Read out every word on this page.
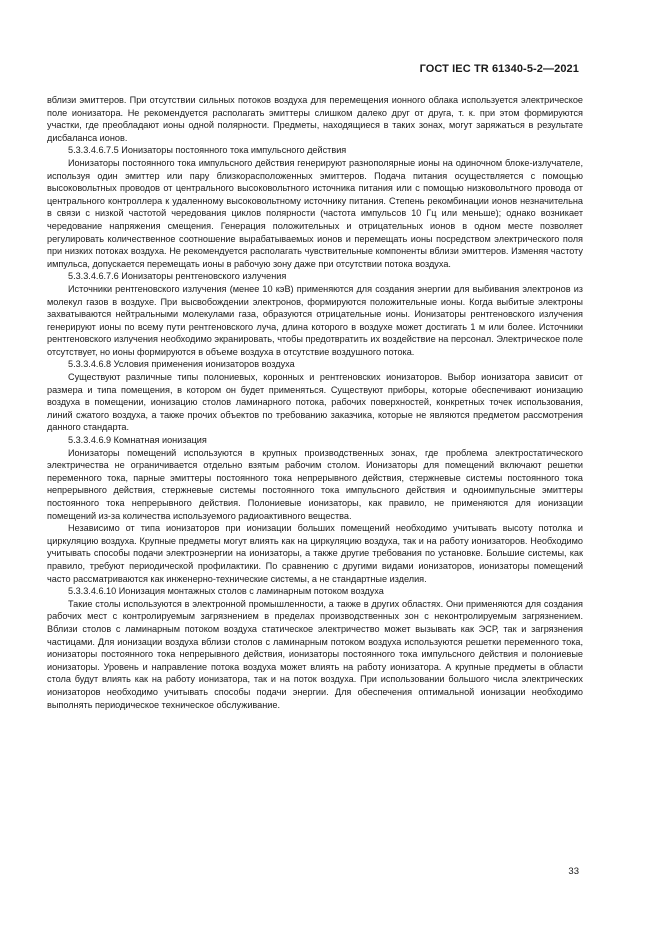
ГОСТ IEC TR 61340-5-2—2021

вблизи эмиттеров. При отсутствии сильных потоков воздуха для перемещения ионного облака используется электрическое поле ионизатора. Не рекомендуется располагать эмиттеры слишком далеко друг от друга, т. к. при этом формируются участки, где преобладают ионы одной полярности. Предметы, находящиеся в таких зонах, могут заряжаться в результате дисбаланса ионов.

5.3.3.4.6.7.5 Ионизаторы постоянного тока импульсного действия

Ионизаторы постоянного тока импульсного действия генерируют разнополярные ионы на одиночном блоке-излучателе, используя один эмиттер или пару близкорасположенных эмиттеров. Подача питания осуществляется с помощью высоковольтных проводов от центрального высоковольтного источника питания или с помощью низковольтного провода от центрального контроллера к удаленному высоковольтному источнику питания. Степень рекомбинации ионов незначительна в связи с низкой частотой чередования циклов полярности (частота импульсов 10 Гц или меньше); однако возникает чередование напряжения смещения. Генерация положительных и отрицательных ионов в одном месте позволяет регулировать количественное соотношение вырабатываемых ионов и перемещать ионы посредством электрического поля при низких потоках воздуха. Не рекомендуется располагать чувствительные компоненты вблизи эмиттеров. Изменяя частоту импульса, допускается перемещать ионы в рабочую зону даже при отсутствии потока воздуха.

5.3.3.4.6.7.6 Ионизаторы рентгеновского излучения

Источники рентгеновского излучения (менее 10 кэВ) применяются для создания энергии для выбивания электронов из молекул газов в воздухе. При высвобождении электронов, формируются положительные ионы. Когда выбитые электроны захватываются нейтральными молекулами газа, образуются отрицательные ионы. Ионизаторы рентгеновского излучения генерируют ионы по всему пути рентгеновского луча, длина которого в воздухе может достигать 1 м или более. Источники рентгеновского излучения необходимо экранировать, чтобы предотвратить их воздействие на персонал. Электрическое поле отсутствует, но ионы формируются в объеме воздуха в отсутствие воздушного потока.

5.3.3.4.6.8 Условия применения ионизаторов воздуха

Существуют различные типы полониевых, коронных и рентгеновских ионизаторов. Выбор ионизатора зависит от размера и типа помещения, в котором он будет применяться. Существуют приборы, которые обеспечивают ионизацию воздуха в помещении, ионизацию столов ламинарного потока, рабочих поверхностей, конкретных точек использования, линий сжатого воздуха, а также прочих объектов по требованию заказчика, которые не являются предметом рассмотрения данного стандарта.

5.3.3.4.6.9 Комнатная ионизация

Ионизаторы помещений используются в крупных производственных зонах, где проблема электростатического электричества не ограничивается отдельно взятым рабочим столом. Ионизаторы для помещений включают решетки переменного тока, парные эмиттеры постоянного тока непрерывного действия, стержневые системы постоянного тока непрерывного действия, стержневые системы постоянного тока импульсного действия и одноимпульсные эмиттеры постоянного тока непрерывного действия. Полониевые ионизаторы, как правило, не применяются для ионизации помещений из-за количества используемого радиоактивного вещества.

Независимо от типа ионизаторов при ионизации больших помещений необходимо учитывать высоту потолка и циркуляцию воздуха. Крупные предметы могут влиять как на циркуляцию воздуха, так и на работу ионизаторов. Необходимо учитывать способы подачи электроэнергии на ионизаторы, а также другие требования по установке. Большие системы, как правило, требуют периодической профилактики. По сравнению с другими видами ионизаторов, ионизаторы помещений часто рассматриваются как инженерно-технические системы, а не стандартные изделия.

5.3.3.4.6.10 Ионизация монтажных столов с ламинарным потоком воздуха

Такие столы используются в электронной промышленности, а также в других областях. Они применяются для создания рабочих мест с контролируемым загрязнением в пределах производственных зон с неконтролируемым загрязнением. Вблизи столов с ламинарным потоком воздуха статическое электричество может вызывать как ЭСР, так и загрязнения частицами. Для ионизации воздуха вблизи столов с ламинарным потоком воздуха используются решетки переменного тока, ионизаторы постоянного тока непрерывного действия, ионизаторы постоянного тока импульсного действия и полониевые ионизаторы. Уровень и направление потока воздуха может влиять на работу ионизатора. А крупные предметы в области стола будут влиять как на работу ионизатора, так и на поток воздуха. При использовании большого числа электрических ионизаторов необходимо учитывать способы подачи энергии. Для обеспечения оптимальной ионизации необходимо выполнять периодическое техническое обслуживание.

33
